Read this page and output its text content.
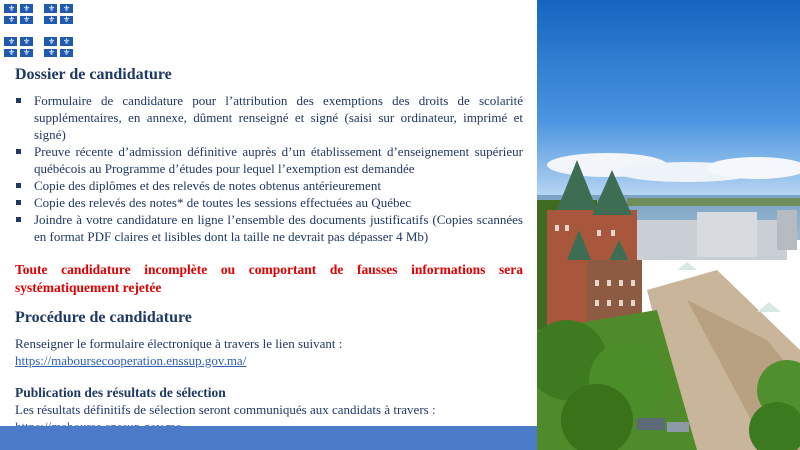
⚜ ⚜
⚜ ⚜
⚜ ⚜
⚜ ⚜
⚜ ⚜
⚜ ⚜
⚜ ⚜
⚜ ⚜
Dossier de candidature
Formulaire de candidature pour l’attribution des exemptions des droits de scolarité supplémentaires, en annexe, dûment renseigné et signé (saisi sur ordinateur, imprimé et signé)
Preuve récente d’admission définitive auprès d’un établissement d’enseignement supérieur québécois au Programme d’études pour lequel l’exemption est demandée
Copie des diplômes et des relevés de notes obtenus antérieurement
Copie des relevés des notes* de toutes les sessions effectuées au Québec
Joindre à votre candidature en ligne l’ensemble des documents justificatifs (Copies scannées en format PDF claires et lisibles dont la taille ne devrait pas dépasser 4 Mb)
Toute candidature incomplète ou comportant de fausses informations sera systématiquement rejetée
Procédure de candidature

Renseigner le formulaire électronique à travers le lien suivant :

https://maboursecooperation.enssup.gov.ma/
Publication des résultats de sélection

Les résultats définitifs de sélection seront communiqués aux candidats à travers :
